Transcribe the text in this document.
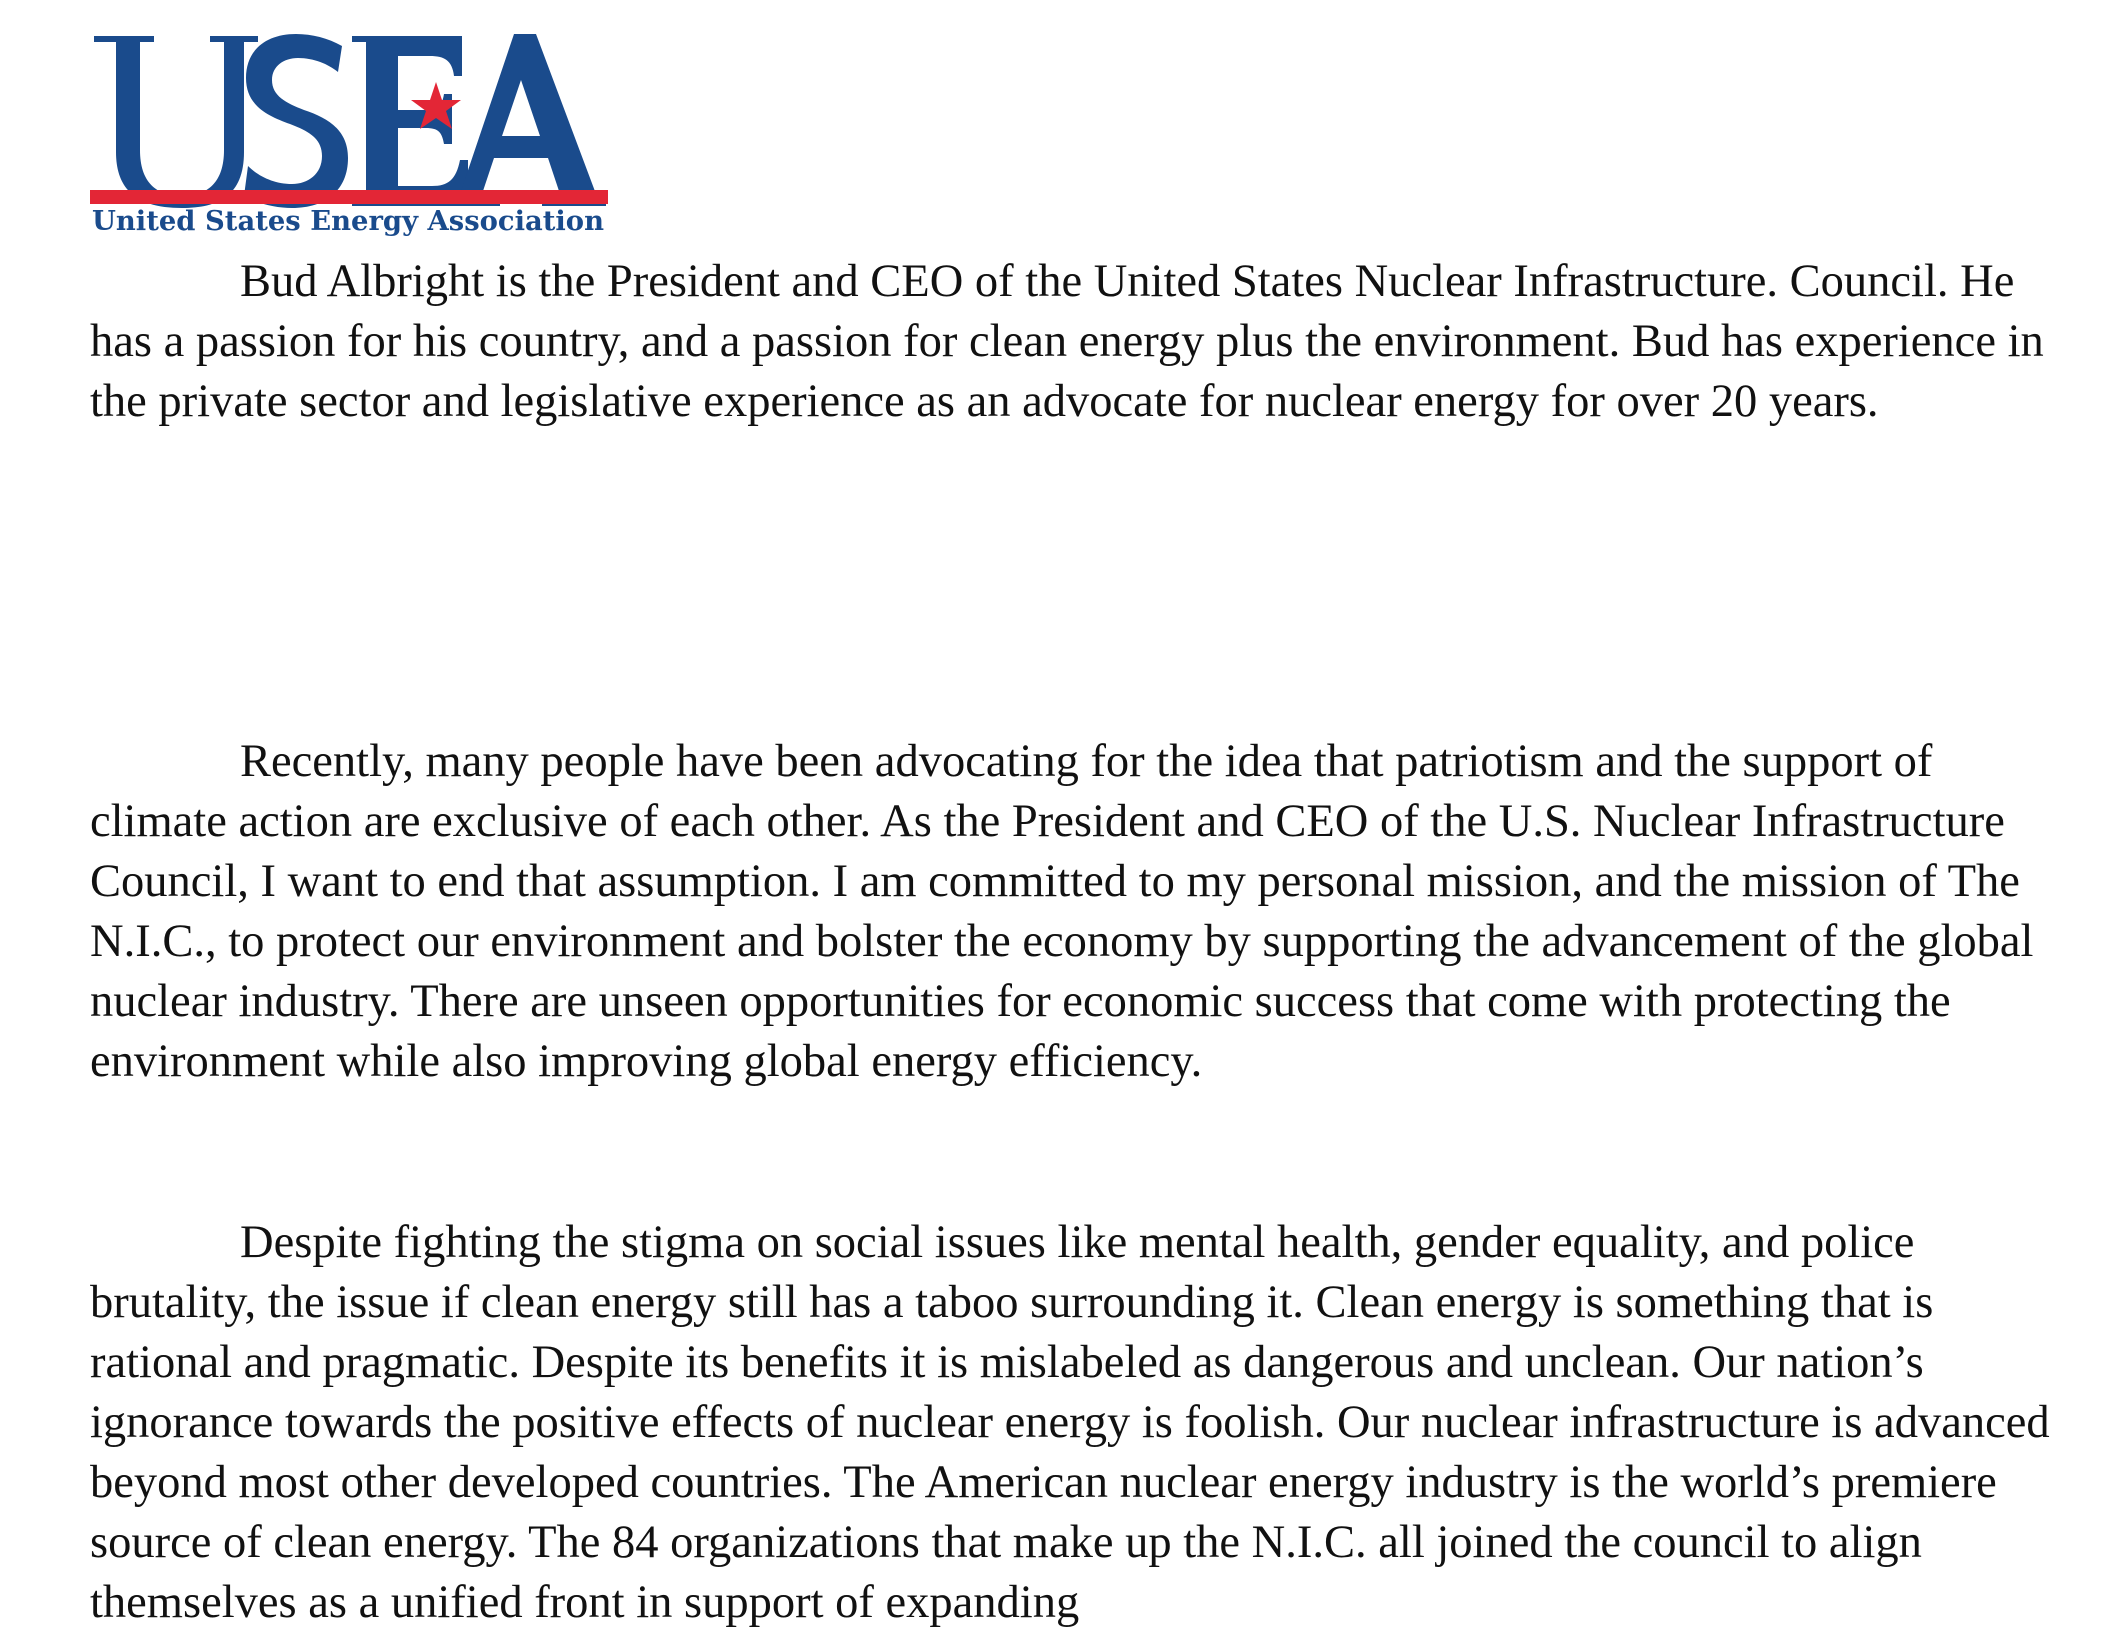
United States Energy Association

Bud Albright is the President and CEO of the United States Nuclear Infrastructure. Council. He has a passion for his country, and a passion for clean energy plus the environment. Bud has experience in the private sector and legislative experience as an advocate for nuclear energy for over 20 years.

Recently, many people have been advocating for the idea that patriotism and the support of climate action are exclusive of each other. As the President and CEO of the U.S. Nuclear Infrastructure Council, I want to end that assumption. I am committed to my personal mission, and the mission of The N.I.C., to protect our environment and bolster the economy by supporting the advancement of the global nuclear industry. There are unseen opportunities for economic success that come with protecting the environment while also improving global energy efficiency.

Despite fighting the stigma on social issues like mental health, gender equality, and police brutality, the issue if clean energy still has a taboo surrounding it. Clean energy is something that is rational and pragmatic. Despite its benefits it is mislabeled as dangerous and unclean. Our nation’s ignorance towards the positive effects of nuclear energy is foolish. Our nuclear infrastructure is advanced beyond most other developed countries. The American nuclear energy industry is the world’s premiere source of clean energy. The 84 organizations that make up the N.I.C. all joined the council to align themselves as a unified front in support of expanding
